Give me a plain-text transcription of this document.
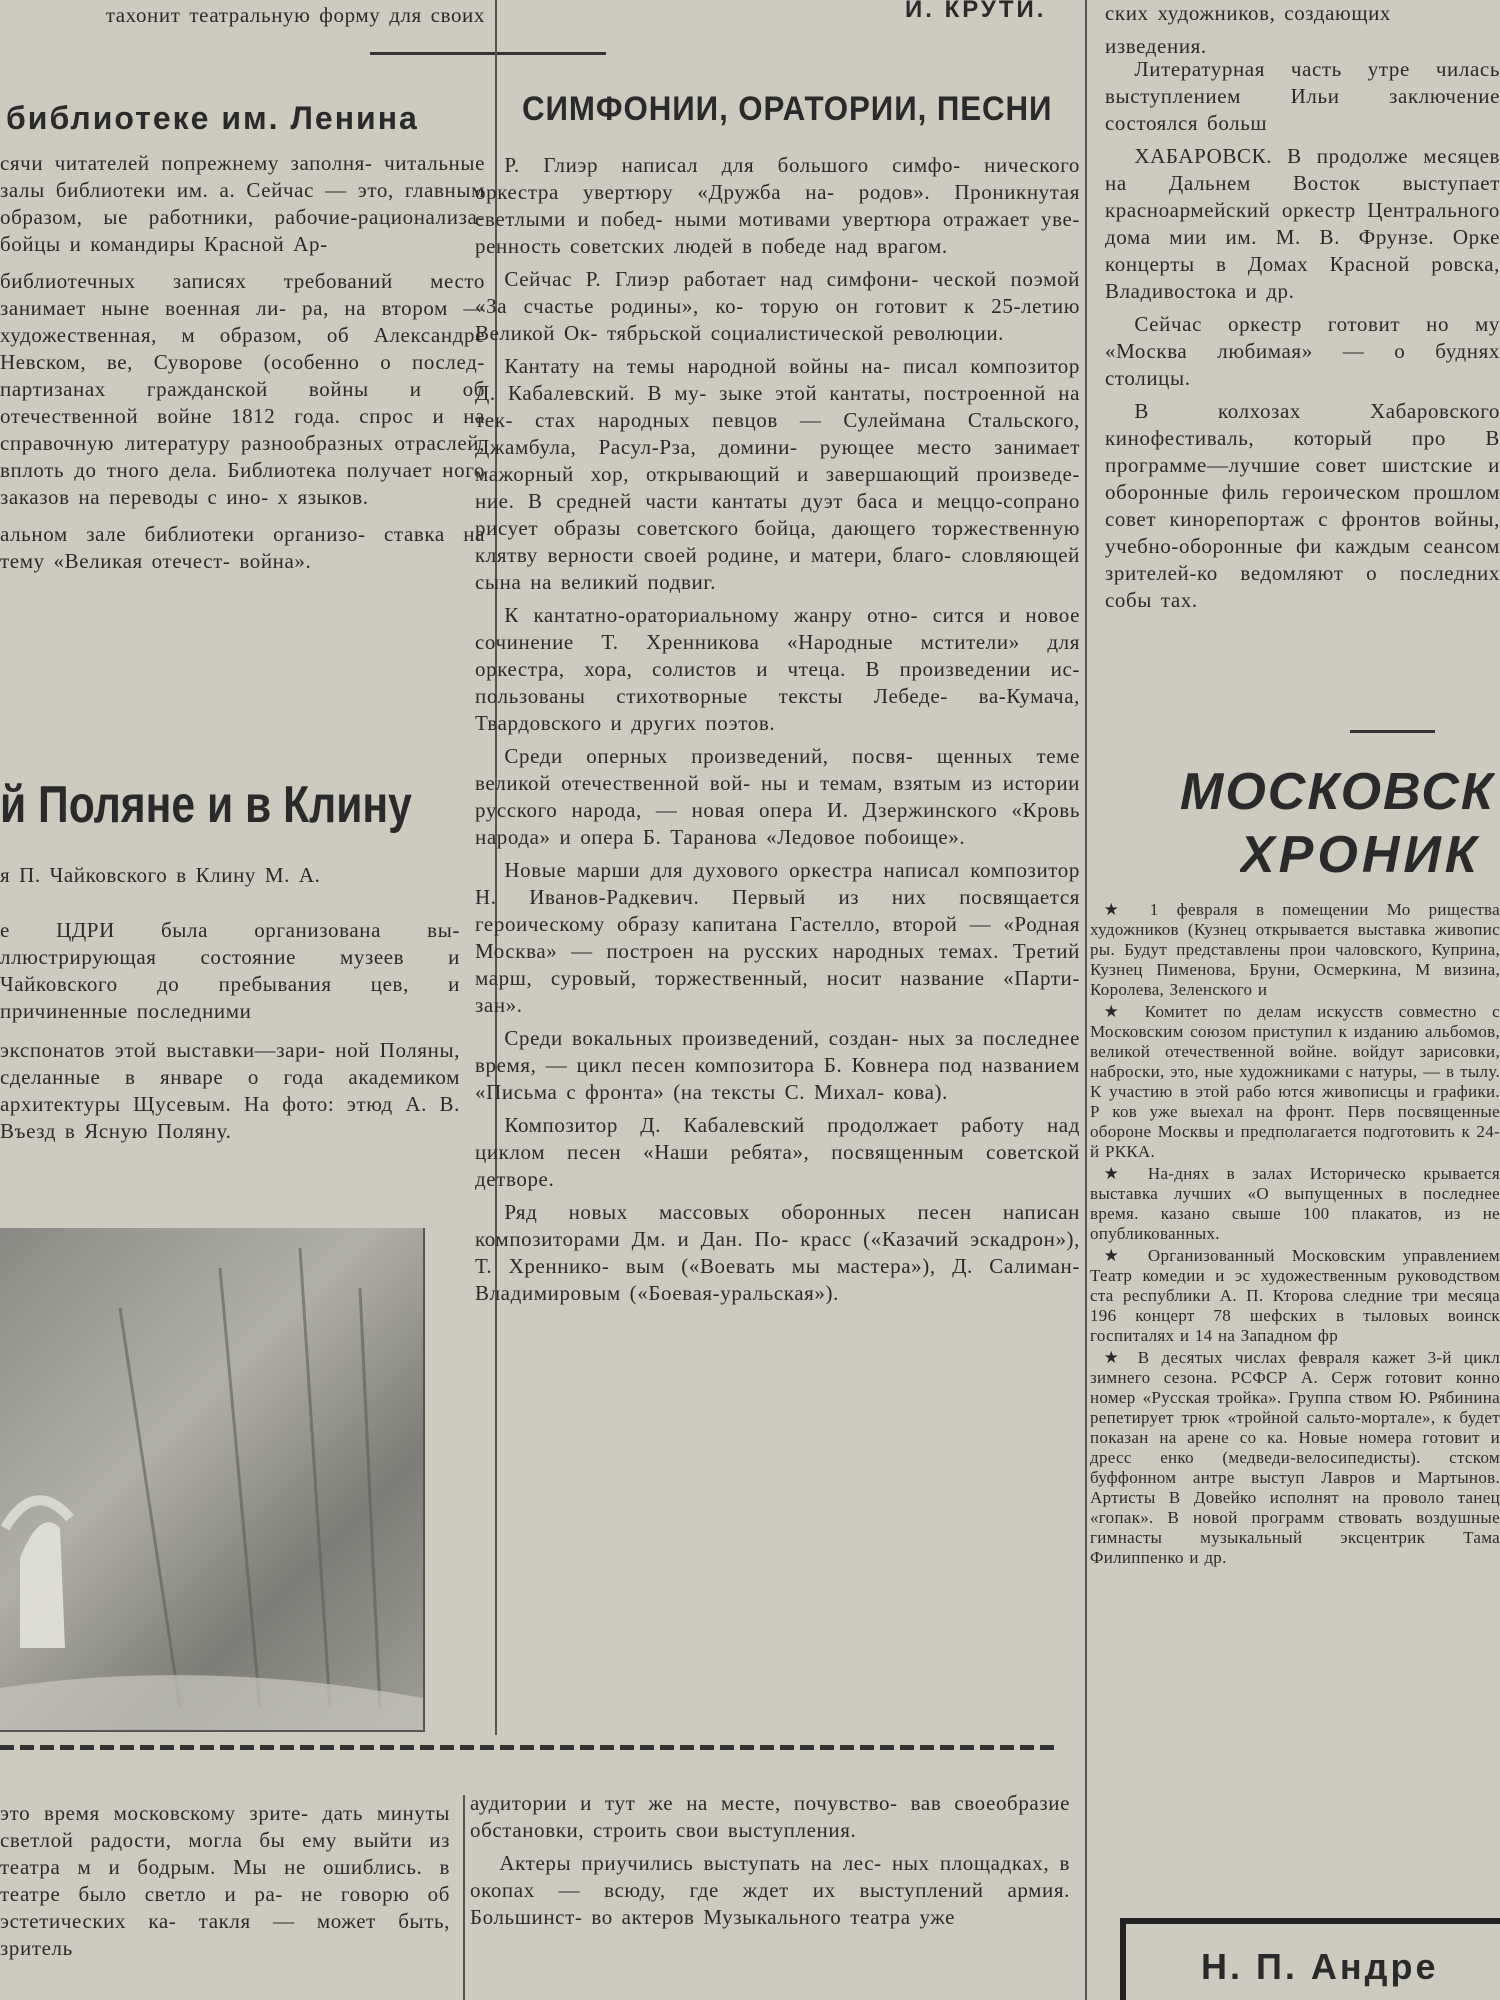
тахонит театральную форму для своих	И. КРУТИ.	ских художников, создающих

изведения.

библиотеке им. Ленина

сячи читателей попрежнему заполня- читальные залы библиотеки им. а. Сейчас — это, главным образом, ые работники, рабочие-рационализа- бойцы и командиры Красной Ар-

библиотечных записях требований место занимает ныне военная ли- ра, на втором — художественная, м образом, об Александре Невском, ве, Суворове (особенно о послед- партизанах гражданской войны и об отечественной войне 1812 года. спрос и на справочную литературу разнообразных отраслей, вплоть до тного дела. Библиотека получает ного заказов на переводы с ино- х языков.

альном зале библиотеки организо- ставка на тему «Великая отечест- война».

й Поляне и в Клину

я П. Чайковского в Клину М. А.

е ЦДРИ была организована вы- ллюстрирующая состояние музеев и Чайковского до пребывания цев, и причиненные последними

экспонатов этой выставки—зари- ной Поляны, сделанные в январе о года академиком архитектуры Щусевым. На фото: этюд А. В. Въезд в Ясную Поляну.

это время московскому зрите- дать минуты светлой радости, могла бы ему выйти из театра м и бодрым. Мы не ошиблись. в театре было светло и ра- не говорю об эстетических ка- такля — может быть, зритель

СИМФОНИИ, ОРАТОРИИ, ПЕСНИ

Р. Глиэр написал для большого симфо- нического оркестра увертюру «Дружба на- родов». Проникнутая светлыми и побед- ными мотивами увертюра отражает уве- ренность советских людей в победе над врагом.

Сейчас Р. Глиэр работает над симфони- ческой поэмой «За счастье родины», ко- торую он готовит к 25-летию Великой Ок- тябрьской социалистической революции.

Кантату на темы народной войны на- писал композитор Д. Кабалевский. В му- зыке этой кантаты, построенной на тек- стах народных певцов — Сулеймана Стальского, Джамбула, Расул-Рза, домини- рующее место занимает мажорный хор, открывающий и завершающий произведе- ние. В средней части кантаты дуэт баса и меццо-сопрано рисует образы советского бойца, дающего торжественную клятву верности своей родине, и матери, благо- словляющей сына на великий подвиг.

К кантатно-ораториальному жанру отно- сится и новое сочинение Т. Хренникова «Народные мстители» для оркестра, хора, солистов и чтеца. В произведении ис- пользованы стихотворные тексты Лебеде- ва-Кумача, Твардовского и других поэтов.

Среди оперных произведений, посвя- щенных теме великой отечественной вой- ны и темам, взятым из истории русского народа, — новая опера И. Дзержинского «Кровь народа» и опера Б. Таранова «Ледовое побоище».

Новые марши для духового оркестра написал композитор Н. Иванов-Радкевич. Первый из них посвящается героическому образу капитана Гастелло, второй — «Родная Москва» — построен на русских народных темах. Третий марш, суровый, торжественный, носит название «Парти- зан».

Среди вокальных произведений, создан- ных за последнее время, — цикл песен композитора Б. Ковнера под названием «Письма с фронта» (на тексты С. Михал- кова).

Композитор Д. Кабалевский продолжает работу над циклом песен «Наши ребята», посвященным советской детворе.

Ряд новых массовых оборонных песен написан композиторами Дм. и Дан. По- красс («Казачий эскадрон»), Т. Хреннико- вым («Воевать мы мастера»), Д. Салиман- Владимировым («Боевая-уральская»).

аудитории и тут же на месте, почувство- вав своеобразие обстановки, строить свои выступления.

Актеры приучились выступать на лес- ных площадках, в окопах — всюду, где ждет их выступлений армия. Большинст- во актеров Музыкального театра уже

Литературная часть утре чилась выступлением Ильи заключение состоялся больш

ХАБАРОВСК. В продолже месяцев на Дальнем Восток выступает красноармейский оркестр Центрального дома мии им. М. В. Фрунзе. Орке концерты в Домах Красной ровска, Владивостока и др.

Сейчас оркестр готовит но му «Москва любимая» — о буднях столицы.

В колхозах Хабаровского кинофестиваль, который про В программе—лучшие совет шистские и оборонные филь героическом прошлом совет кинорепортаж с фронтов войны, учебно-оборонные фи каждым сеансом зрителей-ко ведомляют о последних собы тах.

МОСКОВСК
ХРОНИК

★ 1 февраля в помещении Мо рищества художников (Кузнец открывается выставка живопис ры. Будут представлены прои чаловского, Куприна, Кузнец Пименова, Бруни, Осмеркина, М визина, Королева, Зеленского и

★ Комитет по делам искусств совместно с Московским союзом приступил к изданию альбомов, великой отечественной войне. войдут зарисовки, наброски, это, ные художниками с натуры, — в тылу. К участию в этой рабо ются живописцы и графики. Р ков уже выехал на фронт. Перв посвященные обороне Москвы и предполагается подготовить к 24-й РККА.

★ На-днях в залах Историческо крывается выставка лучших «О выпущенных в последнее время. казано свыше 100 плакатов, из не опубликованных.

★ Организованный Московским управлением Театр комедии и эс художественным руководством ста республики А. П. Кторова следние три месяца 196 концерт 78 шефских в тыловых воинск госпиталях и 14 на Западном фр

★ В десятых числах февраля кажет 3-й цикл зимнего сезона. РСФСР А. Серж готовит конно номер «Русская тройка». Группа ством Ю. Рябинина репетирует трюк «тройной сальто-мортале», к будет показан на арене со ка. Новые номера готовит и дресс енко (медведи-велосипедисты). стском буффонном антре выступ Лавров и Мартынов. Артисты В Довейко исполнят на проволо танец «гопак». В новой программ ствовать воздушные гимнасты музыкальный эксцентрик Тама Филиппенко и др.

Н. П. Андре
